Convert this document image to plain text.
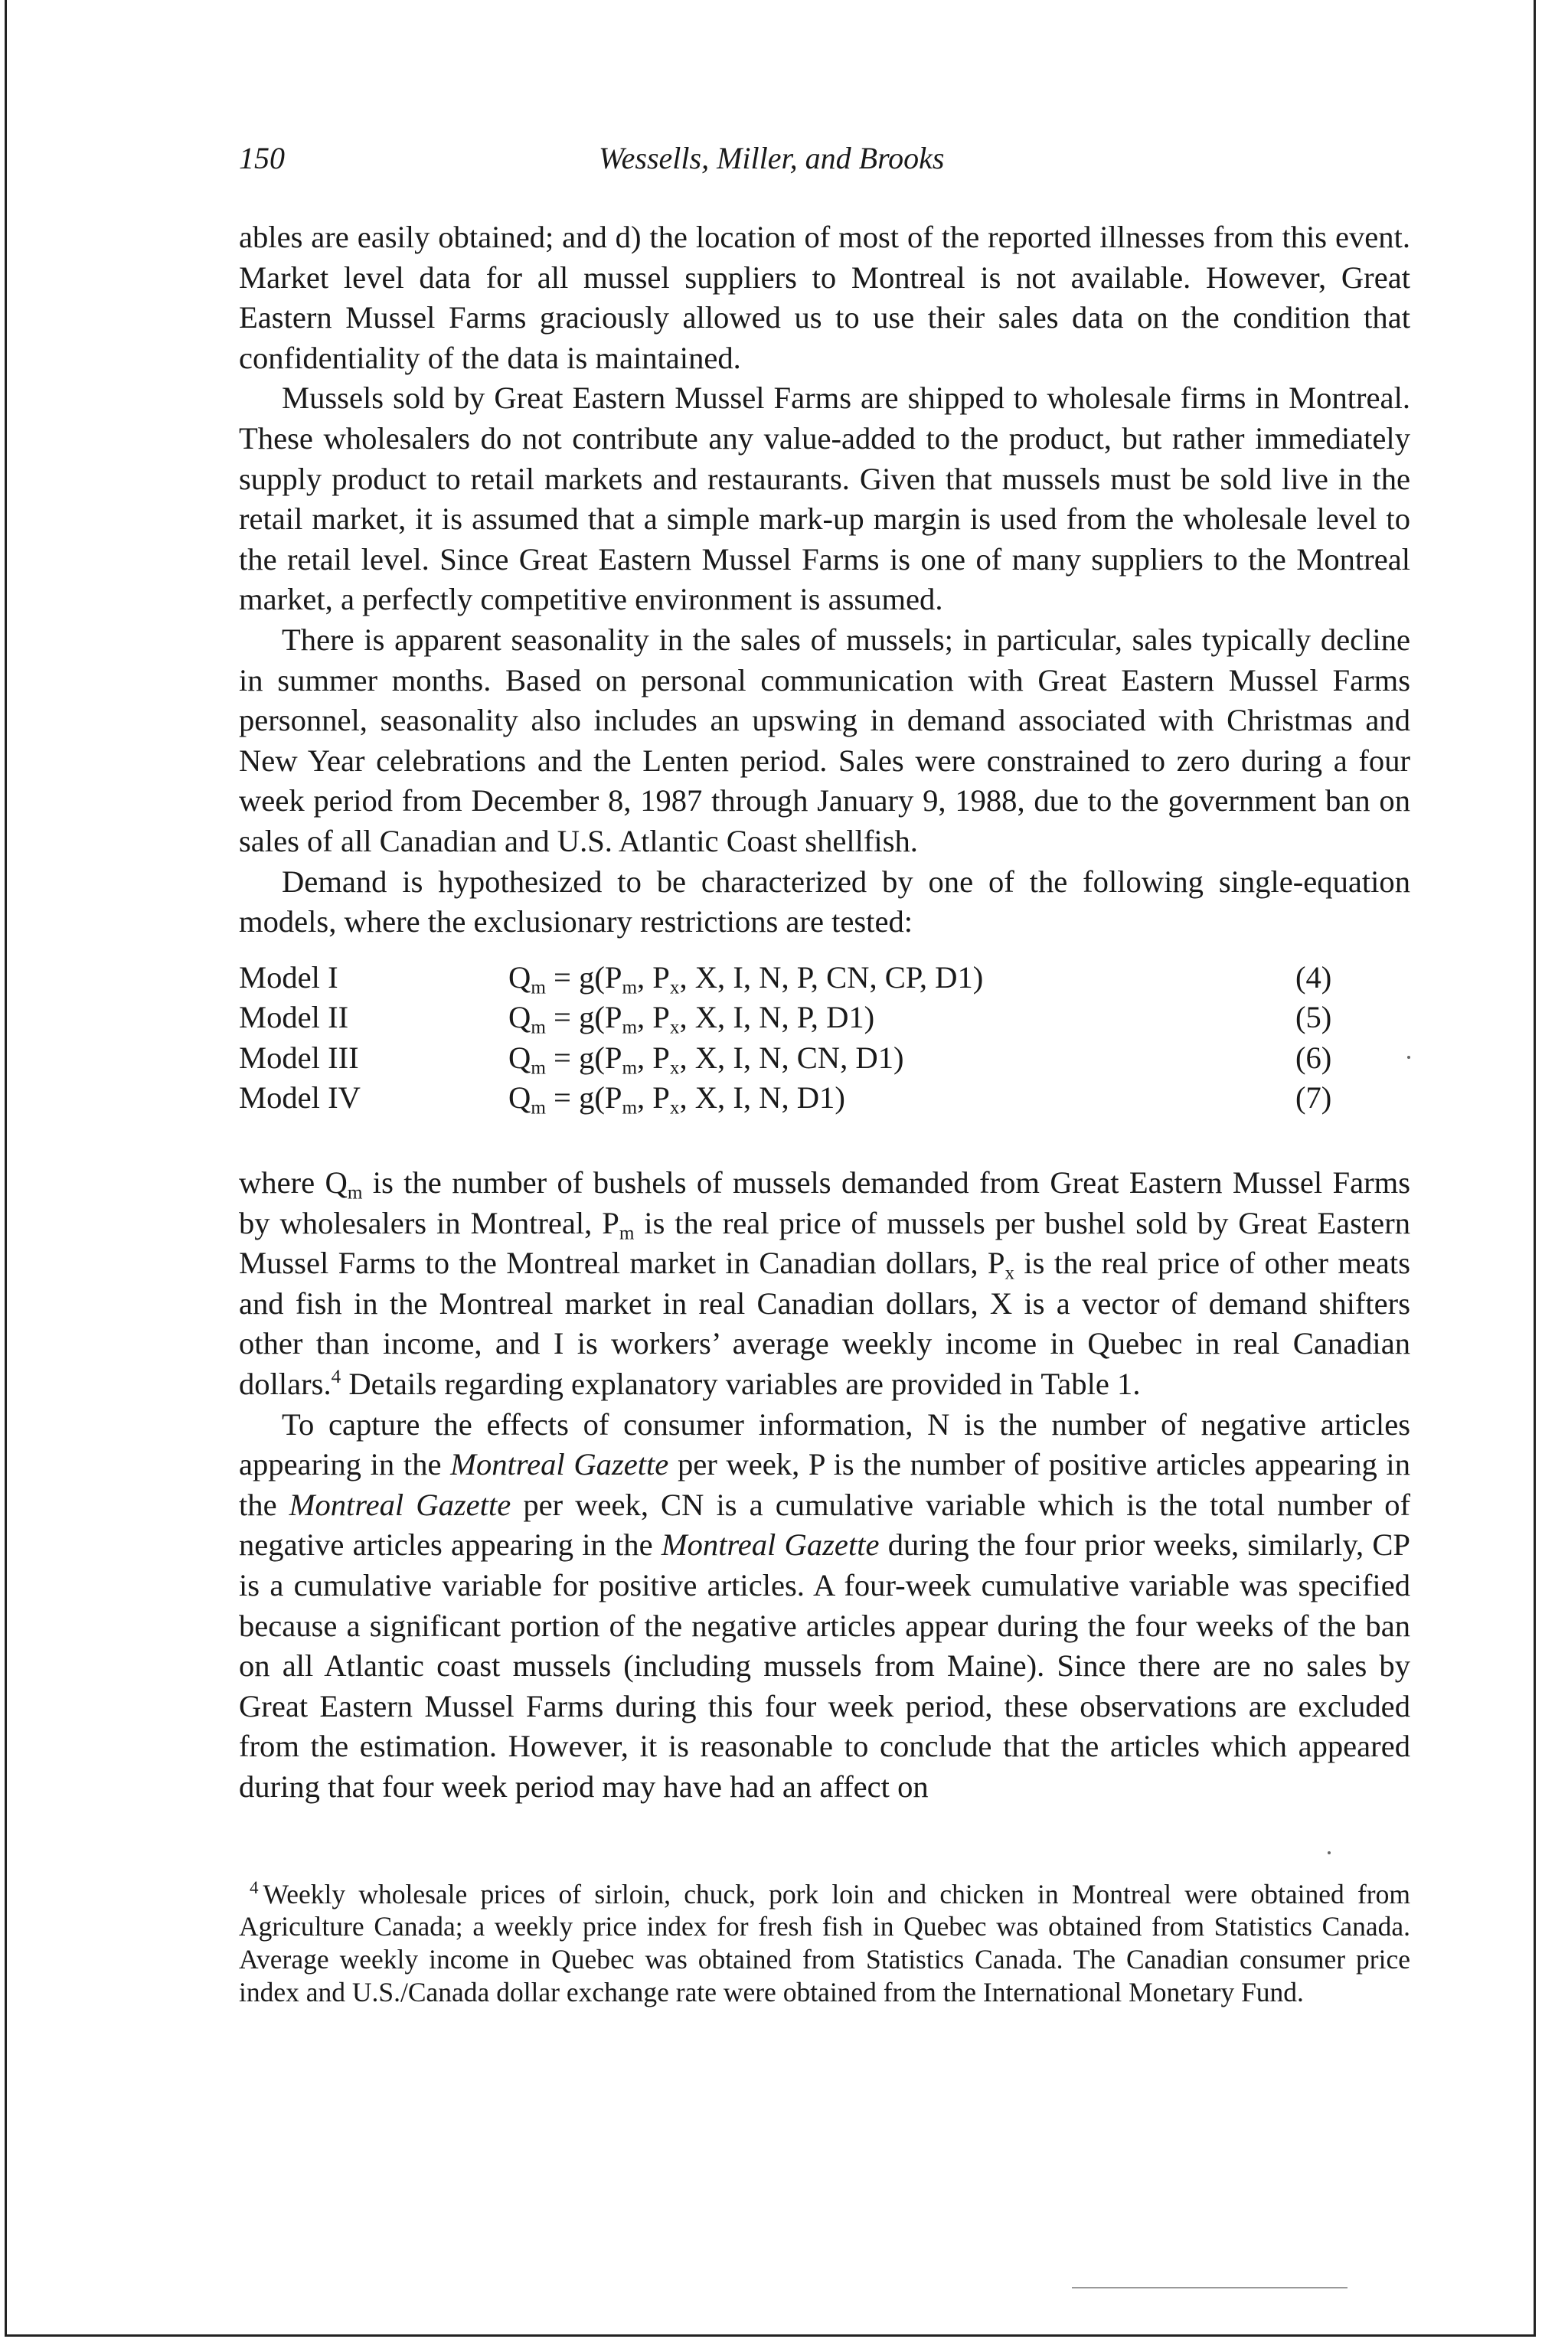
150	Wessells, Miller, and Brooks

ables are easily obtained; and d) the location of most of the reported illnesses from this event. Market level data for all mussel suppliers to Montreal is not available. However, Great Eastern Mussel Farms graciously allowed us to use their sales data on the condition that confidentiality of the data is maintained.

Mussels sold by Great Eastern Mussel Farms are shipped to wholesale firms in Montreal. These wholesalers do not contribute any value-added to the product, but rather immediately supply product to retail markets and restaurants. Given that mussels must be sold live in the retail market, it is assumed that a simple mark-up margin is used from the wholesale level to the retail level. Since Great Eastern Mussel Farms is one of many suppliers to the Montreal market, a perfectly competitive environment is assumed.

There is apparent seasonality in the sales of mussels; in particular, sales typically decline in summer months. Based on personal communication with Great Eastern Mussel Farms personnel, seasonality also includes an upswing in demand associated with Christmas and New Year celebrations and the Lenten period. Sales were constrained to zero during a four week period from December 8, 1987 through January 9, 1988, due to the government ban on sales of all Canadian and U.S. Atlantic Coast shellfish.

Demand is hypothesized to be characterized by one of the following single-equation models, where the exclusionary restrictions are tested:

Model I	$Q_m = g(P_m$, $P_x$, X, I, N, P, CN, CP, D1)	(4)
Model II	$Q_m = g(P_m$, $P_x$, X, I, N, P, D1)	(5)
Model III	$Q_m = g(P_m$, $P_x$, X, I, N, CN, D1)	(6)
Model IV	$Q_m = g(P_m$, $P_x$, X, I, N, D1)	(7)

where $Q_m$ is the number of bushels of mussels demanded from Great Eastern Mussel Farms by wholesalers in Montreal, $P_m$ is the real price of mussels per bushel sold by Great Eastern Mussel Farms to the Montreal market in Canadian dollars, $P_x$ is the real price of other meats and fish in the Montreal market in real Canadian dollars, X is a vector of demand shifters other than income, and I is workers’ average weekly income in Quebec in real Canadian dollars.$^4$ Details regarding explanatory variables are provided in Table 1.

To capture the effects of consumer information, N is the number of negative articles appearing in the Montreal Gazette per week, P is the number of positive articles appearing in the Montreal Gazette per week, CN is a cumulative variable which is the total number of negative articles appearing in the Montreal Gazette during the four prior weeks, similarly, CP is a cumulative variable for positive articles. A four-week cumulative variable was specified because a significant portion of the negative articles appear during the four weeks of the ban on all Atlantic coast mussels (including mussels from Maine). Since there are no sales by Great Eastern Mussel Farms during this four week period, these observations are excluded from the estimation. However, it is reasonable to conclude that the articles which appeared during that four week period may have had an affect on

$^4$ Weekly wholesale prices of sirloin, chuck, pork loin and chicken in Montreal were obtained from Agriculture Canada; a weekly price index for fresh fish in Quebec was obtained from Statistics Canada. Average weekly income in Quebec was obtained from Statistics Canada. The Canadian consumer price index and U.S./Canada dollar exchange rate were obtained from the International Monetary Fund.
